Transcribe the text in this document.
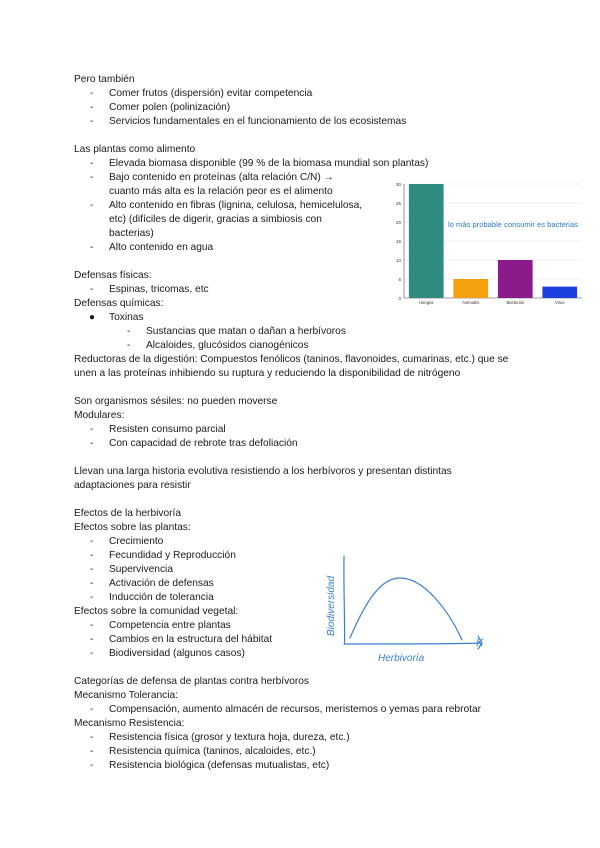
Pero también
-	Comer frutos (dispersión) evitar competencia
-	Comer polen (polinización)
-	Servicios fundamentales en el funcionamiento de los ecosistemas
Las plantas como alimento
-	Elevada biomasa disponible (99 % de la biomasa mundial son plantas)
-	Bajo contenido en proteínas (alta relación C/N) →
cuanto más alta es la relación peor es el alimento
-	Alto contenido en fibras (lignina, celulosa, hemicelulosa,
etc) (difíciles de digerir, gracias a simbiosis con
bacterias)
-	Alto contenido en agua
0
5
10
15
20
25
30
Hongos	Animales	Bacterias	Virus
lo más probable consumir es bacterias
Defensas físicas:
-	Espinas, tricomas, etc
Defensas químicas:
●	Toxinas
-	Sustancias que matan o dañan a herbívoros
-	Alcaloides, glucósidos cianogénicos
Reductoras de la digestión: Compuestos fenólicos (taninos, flavonoides, cumarinas, etc.) que se
unen a las proteínas inhibiendo su ruptura y reduciendo la disponibilidad de nitrógeno
Son organismos sésiles: no pueden moverse
Modulares:
-	Resisten consumo parcial
-	Con capacidad de rebrote tras defoliación
Llevan una larga historia evolutiva resistiendo a los herbívoros y presentan distintas
adaptaciones para resistir
Efectos de la herbivoría
Efectos sobre las plantas:
-	Crecimiento
-	Fecundidad y Reproducción
-	Supervivencia
-	Activación de defensas
-	Inducción de tolerancia
Efectos sobre la comunidad vegetal:
-	Competencia entre plantas
-	Cambios en la estructura del hábitat
-	Biodiversidad (algunos casos)
Biodiversidad
Herbivoría
K
Categorías de defensa de plantas contra herbívoros
Mecanismo Tolerancia:
-	Compensación, aumento almacén de recursos, meristemos o yemas para rebrotar
Mecanismo Resistencia:
-	Resistencia física (grosor y textura hoja, dureza, etc.)
-	Resistencia química (taninos, alcaloides, etc.)
-	Resistencia biológica (defensas mutualistas, etc)
